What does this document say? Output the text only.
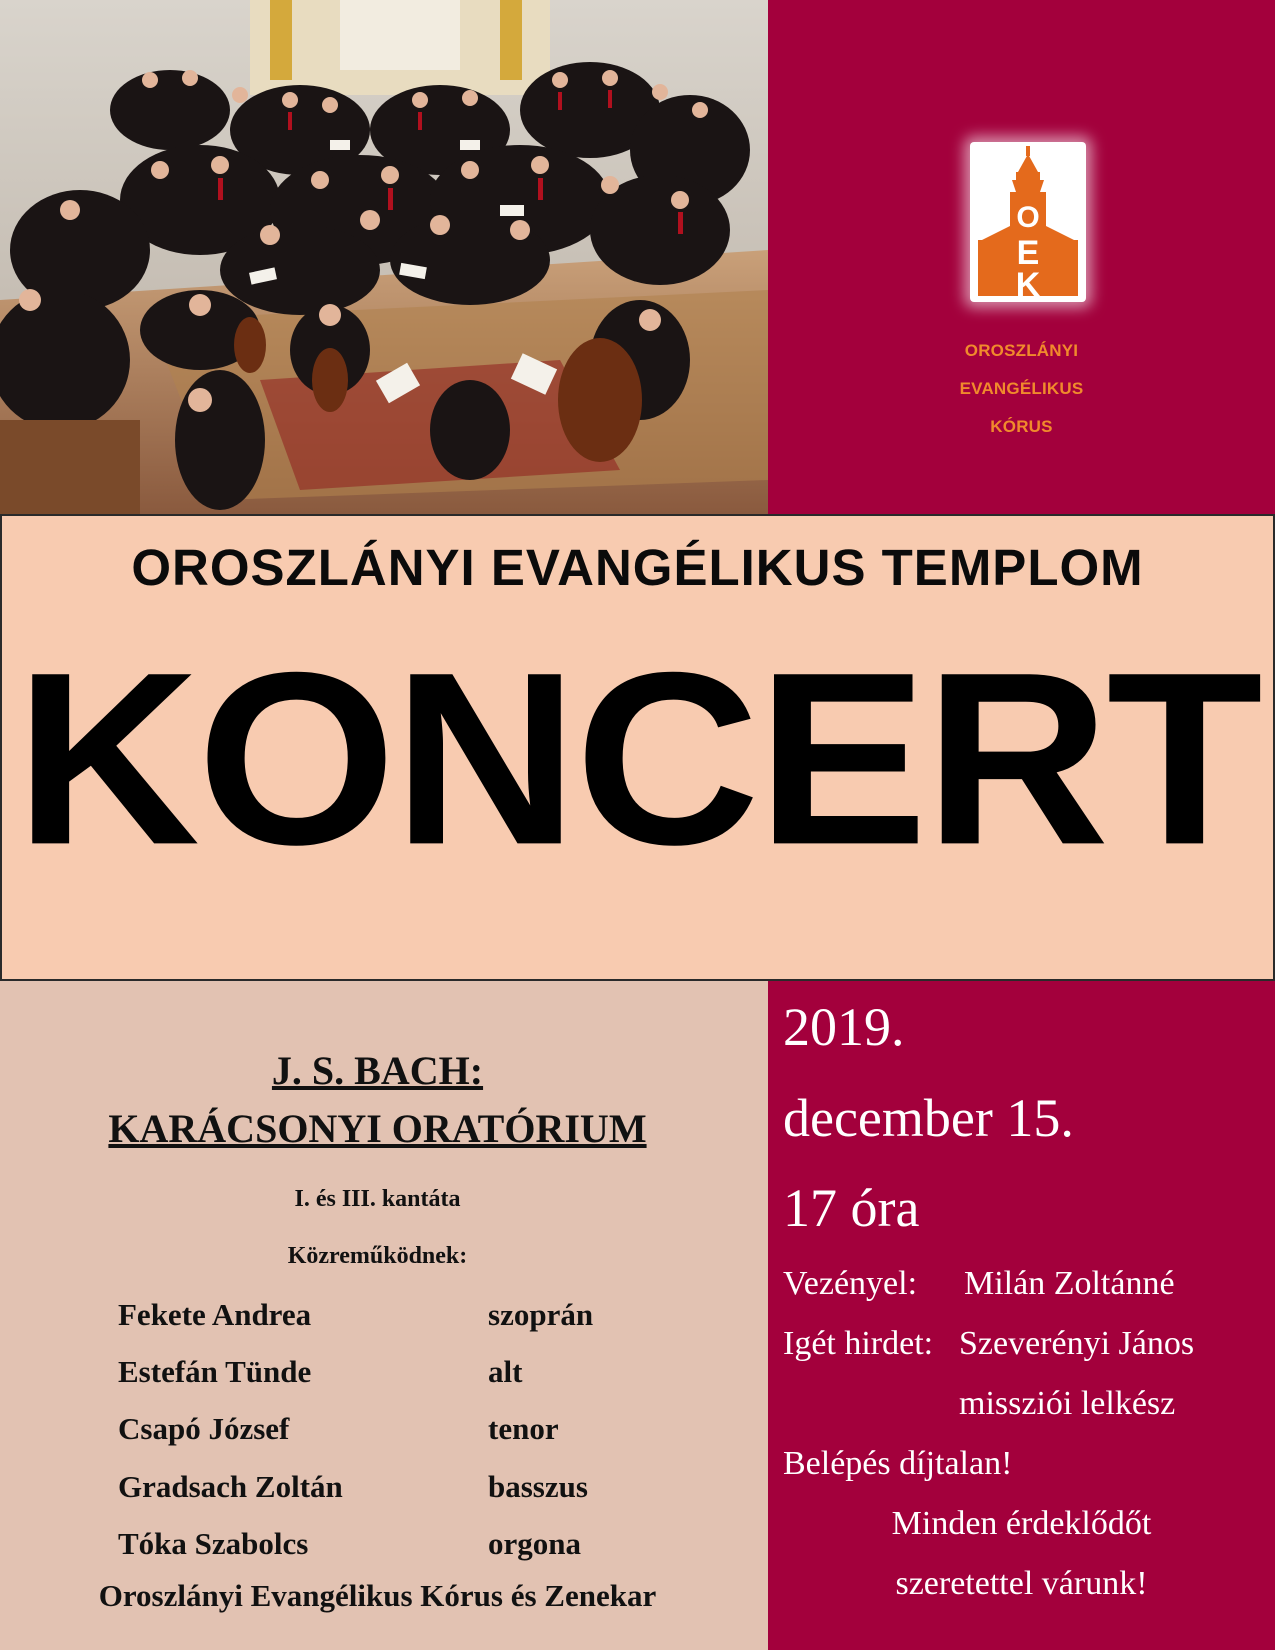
O
E
K
OROSZLÁNYI
EVANGÉLIKUS
KÓRUS
OROSZLÁNYI EVANGÉLIKUS TEMPLOM
KONCERT
J. S. BACH:
KARÁCSONYI ORATÓRIUM
I. és III. kantáta
Közreműködnek:
Fekete Andrea	szoprán
Estefán Tünde	alt
Csapó József	tenor
Gradsach Zoltán	basszus
Tóka Szabolcs	orgona
Oroszlányi Evangélikus Kórus és Zenekar
2019.
december 15.
17 óra
Vezényel: Milán Zoltánné
Igét hirdet: Szeverényi János
missziói lelkész
Belépés díjtalan!
Minden érdeklődőt
szeretettel várunk!
